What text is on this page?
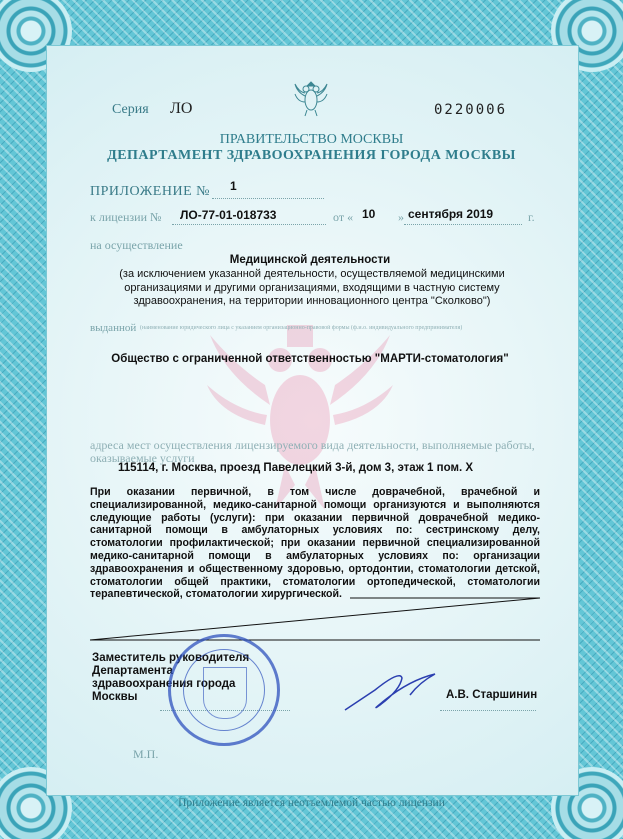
Серия ЛО	0220006
ПРАВИТЕЛЬСТВО МОСКВЫ
ДЕПАРТАМЕНТ ЗДРАВООХРАНЕНИЯ ГОРОДА МОСКВЫ
ПРИЛОЖЕНИЕ № 1
к лицензии № ЛО-77-01-018733	от « 10 » сентября 2019	г.
на осуществление
Медицинской деятельности
(за исключением указанной деятельности, осуществляемой медицинскими организациями и другими организациями, входящими в частную систему здравоохранения, на территории инновационного центра "Сколково")
выданной (наименование юридического лица с указанием организационно-правовой формы (ф.и.о. индивидуального предпринимателя)
Общество с ограниченной ответственностью "МАРТИ-стоматология"
адреса мест осуществления лицензируемого вида деятельности, выполняемые работы, оказываемые услуги
115114, г. Москва, проезд Павелецкий 3-й, дом 3, этаж 1 пом. X
При оказании первичной, в том числе доврачебной, врачебной и специализированной, медико-санитарной помощи организуются и выполняются следующие работы (услуги): при оказании первичной доврачебной медико-санитарной помощи в амбулаторных условиях по: сестринскому делу, стоматологии профилактической; при оказании первичной специализированной медико-санитарной помощи в амбулаторных условиях по: организации здравоохранения и общественному здоровью, ортодонтии, стоматологии детской, стоматологии общей практики, стоматологии ортопедической, стоматологии терапевтической, стоматологии хирургической.
Заместитель руководителя Департамента здравоохранения города Москвы	А.В. Старшинин
М.П.
Приложение является неотъемлемой частью лицензии
